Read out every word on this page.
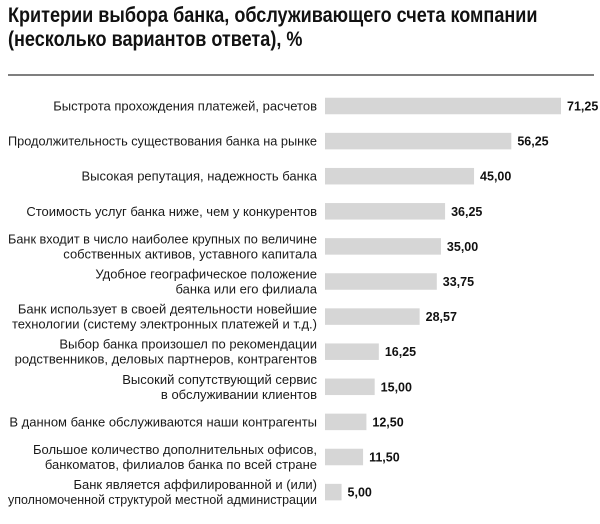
71,25
Быстрота прохождения платежей, расчетов
56,25
Продолжительность существования банка на рынке
45,00
Высокая репутация, надежность банка
36,25
Стоимость услуг банка ниже, чем у конкурентов
35,00
Банк входит в число наиболее крупных по величине
собственных активов, уставного капитала
33,75
Удобное географическое положение
банка или его филиала
28,57
Банк использует в своей деятельности новейшие
технологии (систему электронных платежей и т.д.)
16,25
Выбор банка произошел по рекомендации
родственников, деловых партнеров, контрагентов
15,00
Высокий сопутствующий сервис
в обслуживании клиентов
12,50
В данном банке обслуживаются наши контрагенты
11,50
Большое количество дополнительных офисов,
банкоматов, филиалов банка по всей стране
5,00
Банк является аффилированной и (или)
уполномоченной структурой местной администрации
Критерии выбора банка, обслуживающего счета компании
(несколько вариантов ответа), %
